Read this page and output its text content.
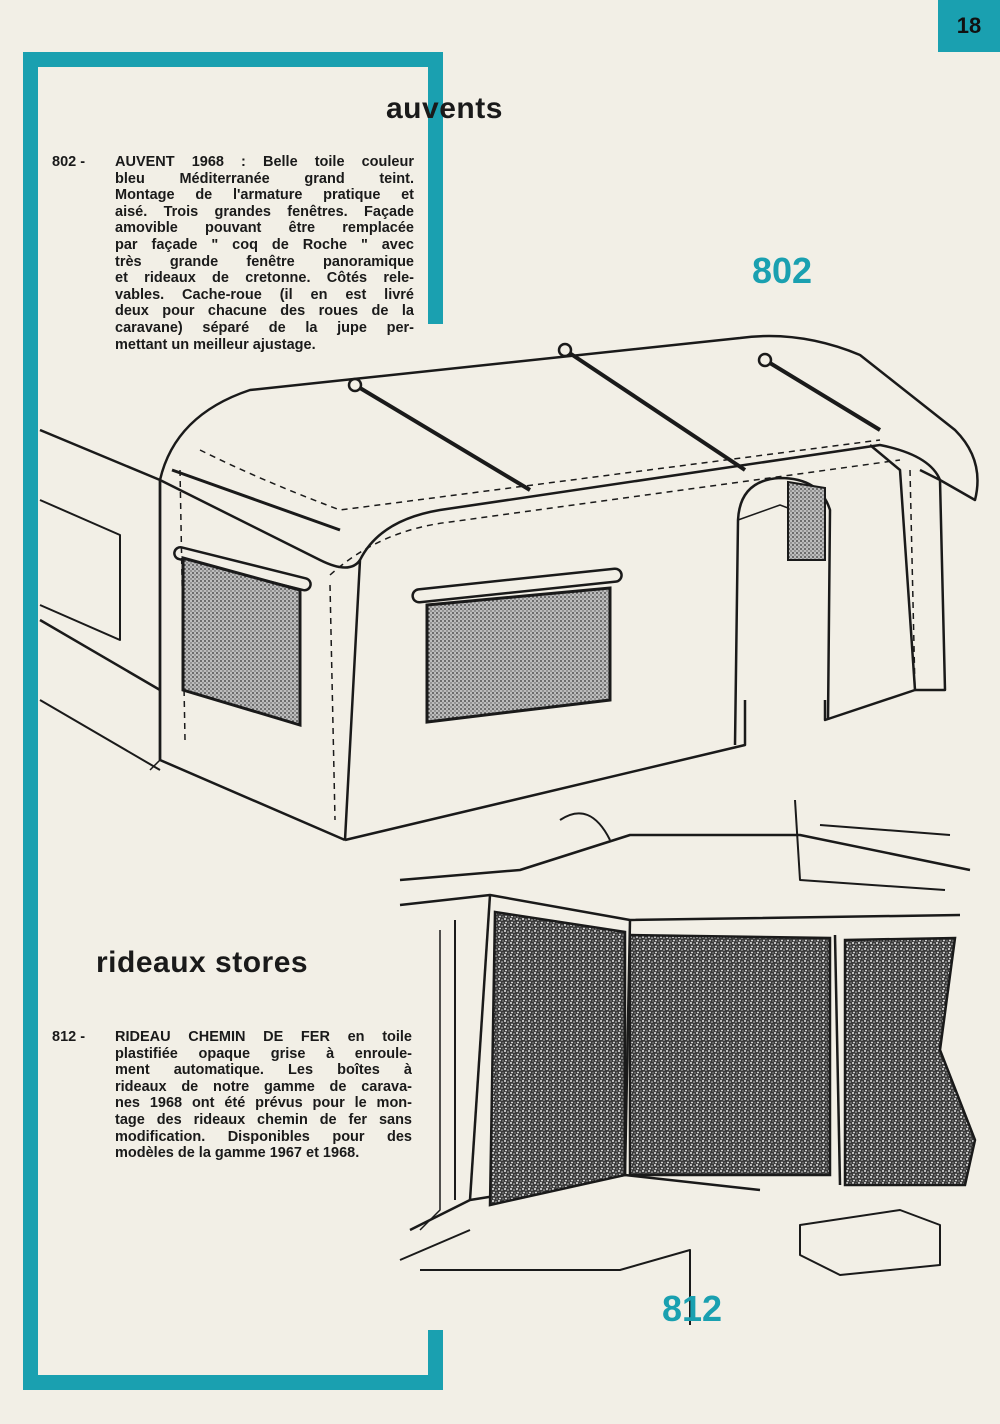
18
auvents
802 - AUVENT 1968 : Belle toile couleur
bleu Méditerranée grand teint.
Montage de l'armature pratique et
aisé. Trois grandes fenêtres. Façade
amovible pouvant être remplacée
par façade " coq de Roche " avec
très grande fenêtre panoramique
et rideaux de cretonne. Côtés rele-
vables. Cache-roue (il en est livré
deux pour chacune des roues de la
caravane) séparé de la jupe per-
mettant un meilleur ajustage.
802
rideaux stores
812 - RIDEAU CHEMIN DE FER en toile
plastifiée opaque grise à enroule-
ment automatique. Les boîtes à
rideaux de notre gamme de carava-
nes 1968 ont été prévus pour le mon-
tage des rideaux chemin de fer sans
modification. Disponibles pour des
modèles de la gamme 1967 et 1968.
812
